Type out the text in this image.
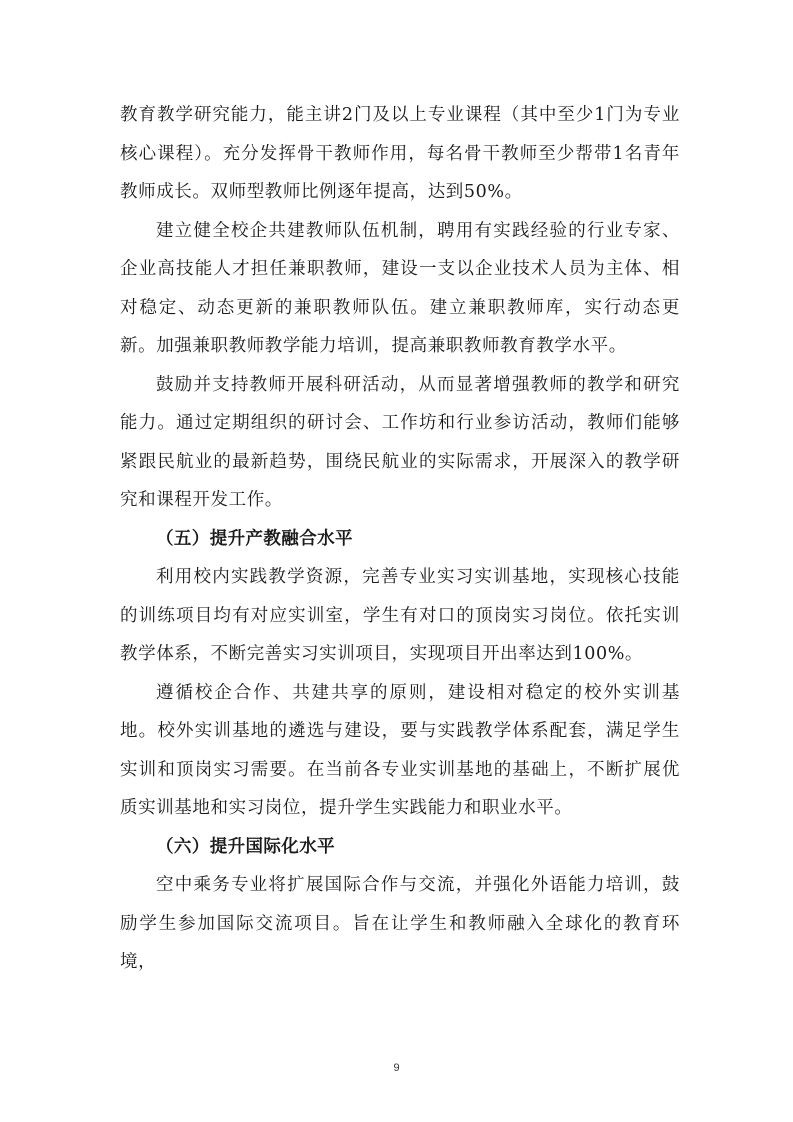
教育教学研究能力，能主讲2门及以上专业课程（其中至少1门为专业核心课程）。充分发挥骨干教师作用，每名骨干教师至少帮带1名青年教师成长。双师型教师比例逐年提高，达到50%。

建立健全校企共建教师队伍机制，聘用有实践经验的行业专家、企业高技能人才担任兼职教师，建设一支以企业技术人员为主体、相对稳定、动态更新的兼职教师队伍。建立兼职教师库，实行动态更新。加强兼职教师教学能力培训，提高兼职教师教育教学水平。

鼓励并支持教师开展科研活动，从而显著增强教师的教学和研究能力。通过定期组织的研讨会、工作坊和行业参访活动，教师们能够紧跟民航业的最新趋势，围绕民航业的实际需求，开展深入的教学研究和课程开发工作。

（五）提升产教融合水平

利用校内实践教学资源，完善专业实习实训基地，实现核心技能的训练项目均有对应实训室，学生有对口的顶岗实习岗位。依托实训教学体系，不断完善实习实训项目，实现项目开出率达到100%。

遵循校企合作、共建共享的原则，建设相对稳定的校外实训基地。校外实训基地的遴选与建设，要与实践教学体系配套，满足学生实训和顶岗实习需要。在当前各专业实训基地的基础上，不断扩展优质实训基地和实习岗位，提升学生实践能力和职业水平。

（六）提升国际化水平

空中乘务专业将扩展国际合作与交流，并强化外语能力培训，鼓励学生参加国际交流项目。旨在让学生和教师融入全球化的教育环境，

9
